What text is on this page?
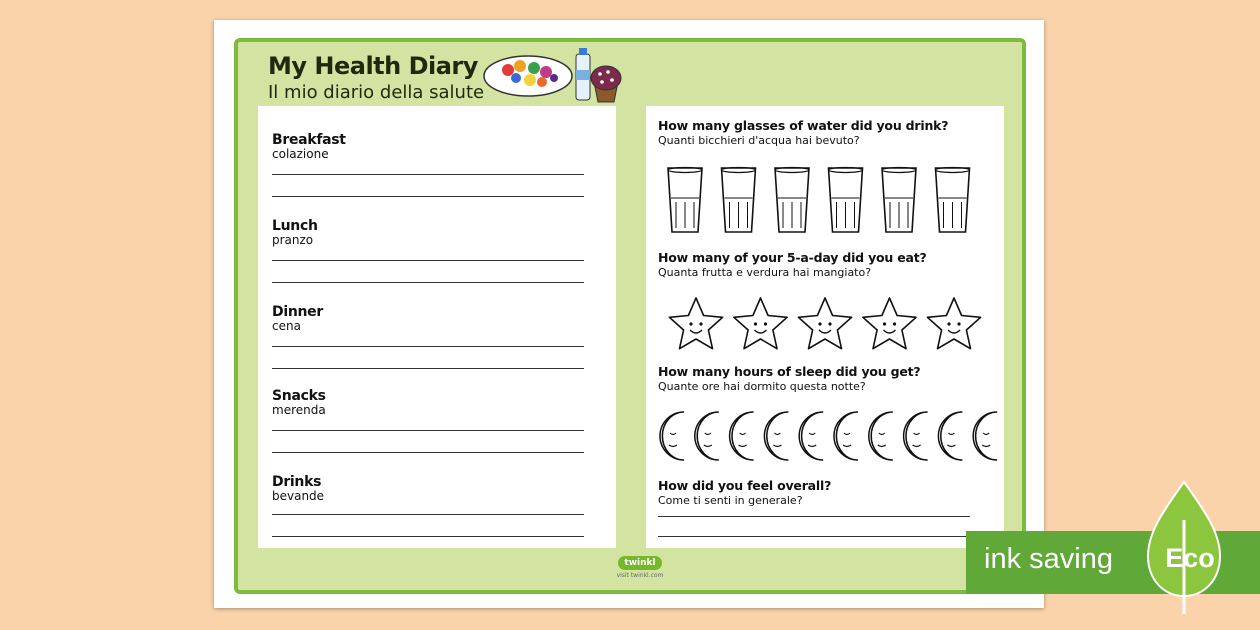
My Health Diary
Il mio diario della salute
Breakfast
colazione
Lunch
pranzo
Dinner
cena
Snacks
merenda
Drinks
bevande
How many glasses of water did you drink?
Quanti bicchieri d'acqua hai bevuto?
How many of your 5-a-day did you eat?
Quanta frutta e verdura hai mangiato?
How many hours of sleep did you get?
Quante ore hai dormito questa notte?
How did you feel overall?
Come ti senti in generale?
twinkl
visit twinkl.com
ink saving Eco
